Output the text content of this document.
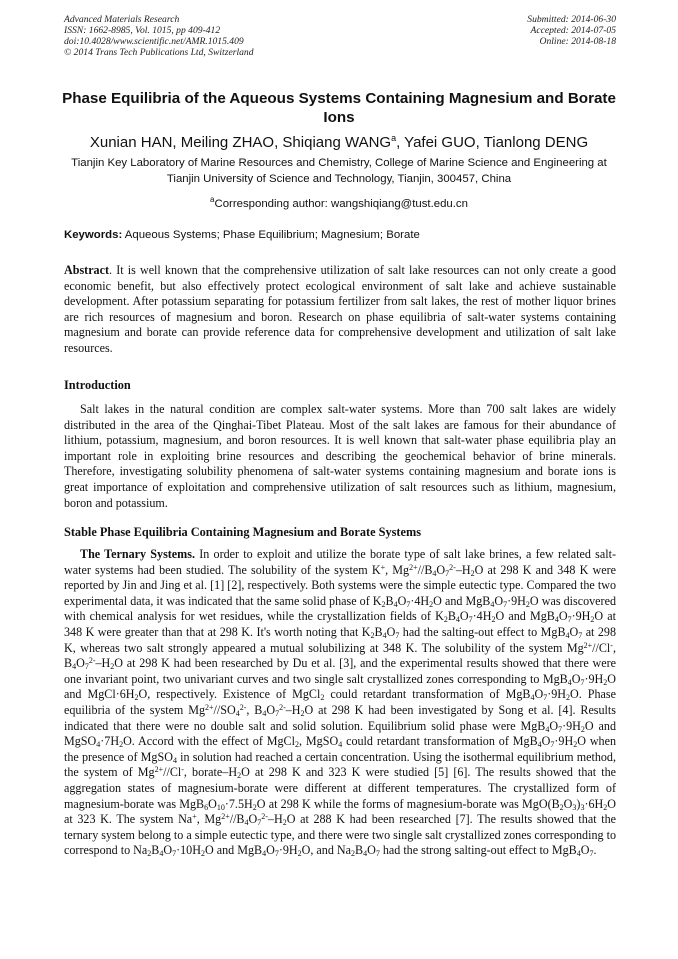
Advanced Materials Research
ISSN: 1662-8985, Vol. 1015, pp 409-412
doi:10.4028/www.scientific.net/AMR.1015.409
© 2014 Trans Tech Publications Ltd, Switzerland
Submitted: 2014-06-30
Accepted: 2014-07-05
Online: 2014-08-18
Phase Equilibria of the Aqueous Systems Containing Magnesium and Borate Ions
Xunian HAN, Meiling ZHAO, Shiqiang WANG$^a$, Yafei GUO, Tianlong DENG
Tianjin Key Laboratory of Marine Resources and Chemistry, College of Marine Science and Engineering at Tianjin University of Science and Technology, Tianjin, 300457, China
$^a$Corresponding author: wangshiqiang@tust.edu.cn
Keywords: Aqueous Systems; Phase Equilibrium; Magnesium; Borate
Abstract. It is well known that the comprehensive utilization of salt lake resources can not only create a good economic benefit, but also effectively protect ecological environment of salt lake and achieve sustainable development. After potassium separating for potassium fertilizer from salt lakes, the rest of mother liquor brines are rich resources of magnesium and boron. Research on phase equilibria of salt-water systems containing magnesium and borate can provide reference data for comprehensive development and utilization of salt lake resources.
Introduction
Salt lakes in the natural condition are complex salt-water systems. More than 700 salt lakes are widely distributed in the area of the Qinghai-Tibet Plateau. Most of the salt lakes are famous for their abundance of lithium, potassium, magnesium, and boron resources. It is well known that salt-water phase equilibria play an important role in exploiting brine resources and describing the geochemical behavior of brine minerals. Therefore, investigating solubility phenomena of salt-water systems containing magnesium and borate ions is great importance of exploitation and comprehensive utilization of salt resources such as lithium, magnesium, boron and potassium.
Stable Phase Equilibria Containing Magnesium and Borate Systems
The Ternary Systems. In order to exploit and utilize the borate type of salt lake brines, a few related salt-water systems had been studied. The solubility of the system K+, $Mg^{2+}//B_4O_7^{2-}-H_2O$ at 298 K and 348 K were reported by Jin and Jing et al. [1] [2], respectively. Both systems were the simple eutectic type. Compared the two experimental data, it was indicated that the same solid phase of $K_2B_4O_7\cdot 4H_2O$ and $MgB_4O_7\cdot 9H_2O$ was discovered with chemical analysis for wet residues, while the crystallization fields of $K_2B_4O_7\cdot 4H_2O$ and $MgB_4O_7\cdot 9H_2O$ at 348 K were greater than that at 298 K. It's worth noting that $K_2B_4O_7$ had the salting-out effect to $MgB_4O_7$ at 298 K, whereas two salt strongly appeared a mutual solubilizing at 348 K. The solubility of the system $Mg^{2+}//Cl^-$, $B_4O_7^{2-}-H_2O$ at 298 K had been researched by Du et al. [3], and the experimental results showed that there were one invariant point, two univariant curves and two single salt crystallized zones corresponding to $MgB_4O_7\cdot 9H_2O$ and $MgCl\cdot 6H_2O$, respectively. Existence of MgCl$_2$ could retardant transformation of $MgB_4O_7\cdot 9H_2O$. Phase equilibria of the system $Mg^{2+}//SO_4^{2-}$, $B_4O_7^{2-}-H_2O$ at 298 K had been investigated by Song et al. [4]. Results indicated that there were no double salt and solid solution. Equilibrium solid phase were $MgB_4O_7\cdot 9H_2O$ and $MgSO_4\cdot 7H_2O$. Accord with the effect of MgCl$_2$, MgSO$_4$ could retardant transformation of $MgB_4O_7\cdot 9H_2O$ when the presence of MgSO$_4$ in solution had reached a certain concentration. Using the isothermal equilibrium method, the system of $Mg^{2+}//Cl^-$, borate–$H_2O$ at 298 K and 323 K were studied [5] [6]. The results showed that the aggregation states of magnesium-borate were different at different temperatures. The crystallized form of magnesium-borate was $MgB_6O_{10}\cdot 7.5H_2O$ at 298 K while the forms of magnesium-borate was $MgO(B_2O_3)_3\cdot 6H_2O$ at 323 K. The system Na+, $Mg^{2+}//B_4O_7^{2-}-H_2O$ at 288 K had been researched [7]. The results showed that the ternary system belong to a simple eutectic type, and there were two single salt crystallized zones corresponding to correspond to $Na_2B_4O_7\cdot 10H_2O$ and $MgB_4O_7\cdot 9H_2O$, and $Na_2B_4O_7$ had the strong salting-out effect to $MgB_4O_7$.
